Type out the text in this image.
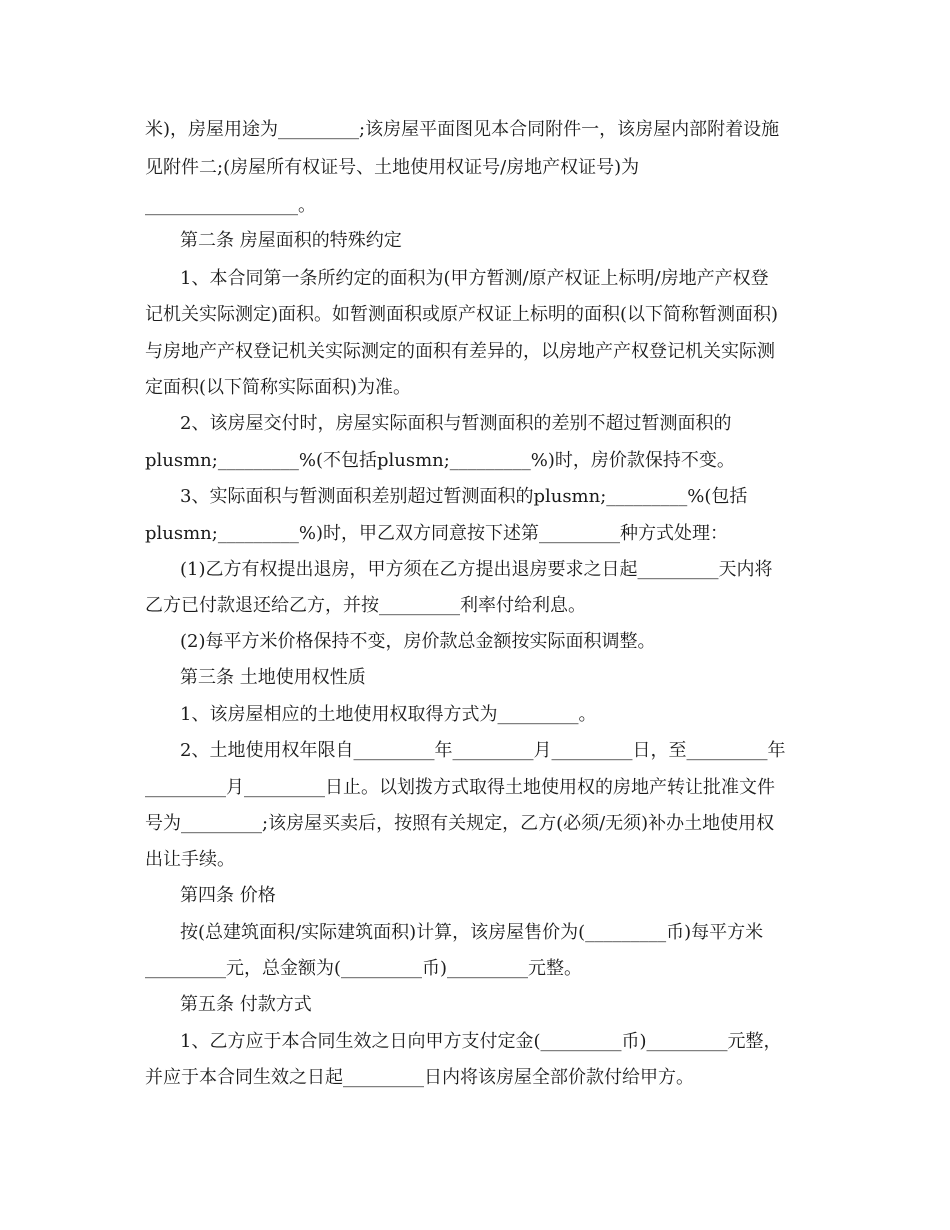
米)，房屋用途为_________;该房屋平面图见本合同附件一，该房屋内部附着设施
见附件二;(房屋所有权证号、土地使用权证号/房地产权证号)为
_________________。
第二条 房屋面积的特殊约定
1、本合同第一条所约定的面积为(甲方暂测/原产权证上标明/房地产产权登
记机关实际测定)面积。如暂测面积或原产权证上标明的面积(以下简称暂测面积)
与房地产产权登记机关实际测定的面积有差异的，以房地产产权登记机关实际测
定面积(以下简称实际面积)为准。
2、该房屋交付时，房屋实际面积与暂测面积的差别不超过暂测面积的
plusmn;_________%(不包括plusmn;_________%)时，房价款保持不变。
3、实际面积与暂测面积差别超过暂测面积的plusmn;_________%(包括
plusmn;_________%)时，甲乙双方同意按下述第_________种方式处理：
(1)乙方有权提出退房，甲方须在乙方提出退房要求之日起_________天内将
乙方已付款退还给乙方，并按_________利率付给利息。
(2)每平方米价格保持不变，房价款总金额按实际面积调整。
第三条 土地使用权性质
1、该房屋相应的土地使用权取得方式为_________。
2、土地使用权年限自_________年_________月_________日，至_________年
_________月_________日止。以划拨方式取得土地使用权的房地产转让批准文件
号为_________;该房屋买卖后，按照有关规定，乙方(必须/无须)补办土地使用权
出让手续。
第四条 价格
按(总建筑面积/实际建筑面积)计算，该房屋售价为(_________币)每平方米
_________元，总金额为(_________币)_________元整。
第五条 付款方式
1、乙方应于本合同生效之日向甲方支付定金(_________币)_________元整，
并应于本合同生效之日起_________日内将该房屋全部价款付给甲方。
